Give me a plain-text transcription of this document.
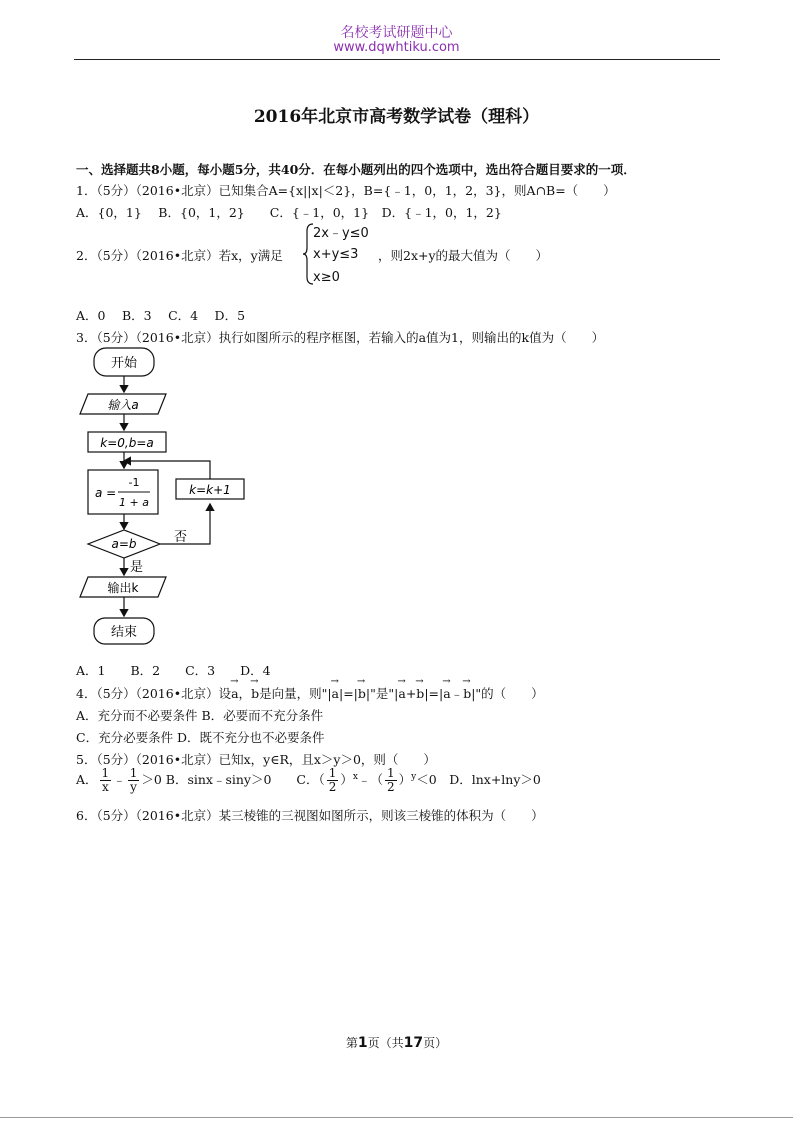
名校考试研题中心
www.dqwhtiku.com
2016年北京市高考数学试卷（理科）
一、选择题共8小题，每小题5分，共40分．在每小题列出的四个选项中，选出符合题目要求的一项．
1．（5分）（2016•北京）已知集合A={x||x|＜2}，B={﹣1，0，1，2，3}，则A∩B=（　　）
A．{0，1}　 B．{0，1，2}　　C．{﹣1，0，1}　D．{﹣1，0，1，2}
2．（5分）（2016•北京）若x，y满足
2x﹣y≤0
x+y≤3
x≥0
，则2x+y的最大值为（　　）
A．0　 B．3　 C．4　 D．5
3．（5分）（2016•北京）执行如图所示的程序框图，若输入的a值为1，则输出的k值为（　　）
开始
输入a
k=0,b=a
a =
-1
1 + a
a=b	否
k=k+1
是
输出k
结束
A．1　　B．2　　C．3　　D．4
4．（5分）（2016•北京）设→ a，→ b是向量，则"|→ a|=|→ b|"是"|→ a+→ b|=|→ a﹣→ b|"的（　　）
A．充分而不必要条件 B．必要而不充分条件
C．充分必要条件 D．既不充分也不必要条件
5．（5分）（2016•北京）已知x，y∈R，且x＞y＞0，则（　　）
A． $\frac{1}{x}$ ﹣ $\frac{1}{y} >0$ B．sinx﹣siny＞0　　C．（ $\frac{1}{2}$ ）$^x$﹣（ $\frac{1}{2} )^y<0$　D．lnx+lny＞0
6．（5分）（2016•北京）某三棱锥的三视图如图所示，则该三棱锥的体积为（　　）
第1页（共17页）
